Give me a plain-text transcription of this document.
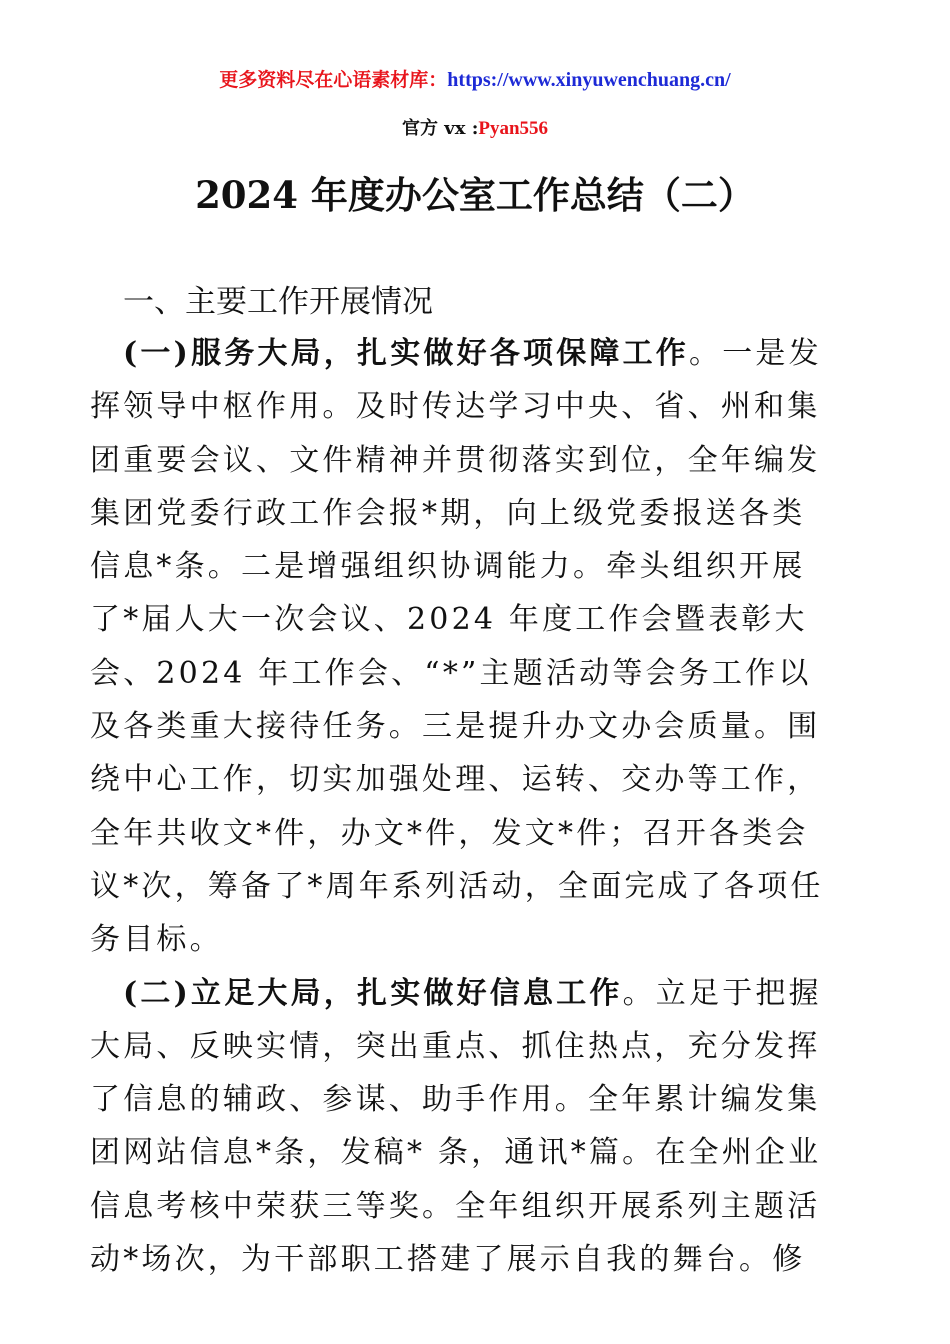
更多资料尽在心语素材库：https://www.xinyuwenchuang.cn/
官方 vx :Pyan556
2024 年度办公室工作总结（二）
一、主要工作开展情况
(一)服务大局，扎实做好各项保障工作。一是发
挥领导中枢作用。及时传达学习中央、省、州和集
团重要会议、文件精神并贯彻落实到位，全年编发
集团党委行政工作会报*期，向上级党委报送各类
信息*条。二是增强组织协调能力。牵头组织开展
了*届人大一次会议、2024 年度工作会暨表彰大
会、2024 年工作会、“*”主题活动等会务工作以
及各类重大接待任务。三是提升办文办会质量。围
绕中心工作，切实加强处理、运转、交办等工作，
全年共收文*件，办文*件，发文*件；召开各类会
议*次，筹备了*周年系列活动，全面完成了各项任
务目标。
(二)立足大局，扎实做好信息工作。立足于把握
大局、反映实情，突出重点、抓住热点，充分发挥
了信息的辅政、参谋、助手作用。全年累计编发集
团网站信息*条，发稿* 条，通讯*篇。在全州企业
信息考核中荣获三等奖。全年组织开展系列主题活
动*场次，为干部职工搭建了展示自我的舞台。修
